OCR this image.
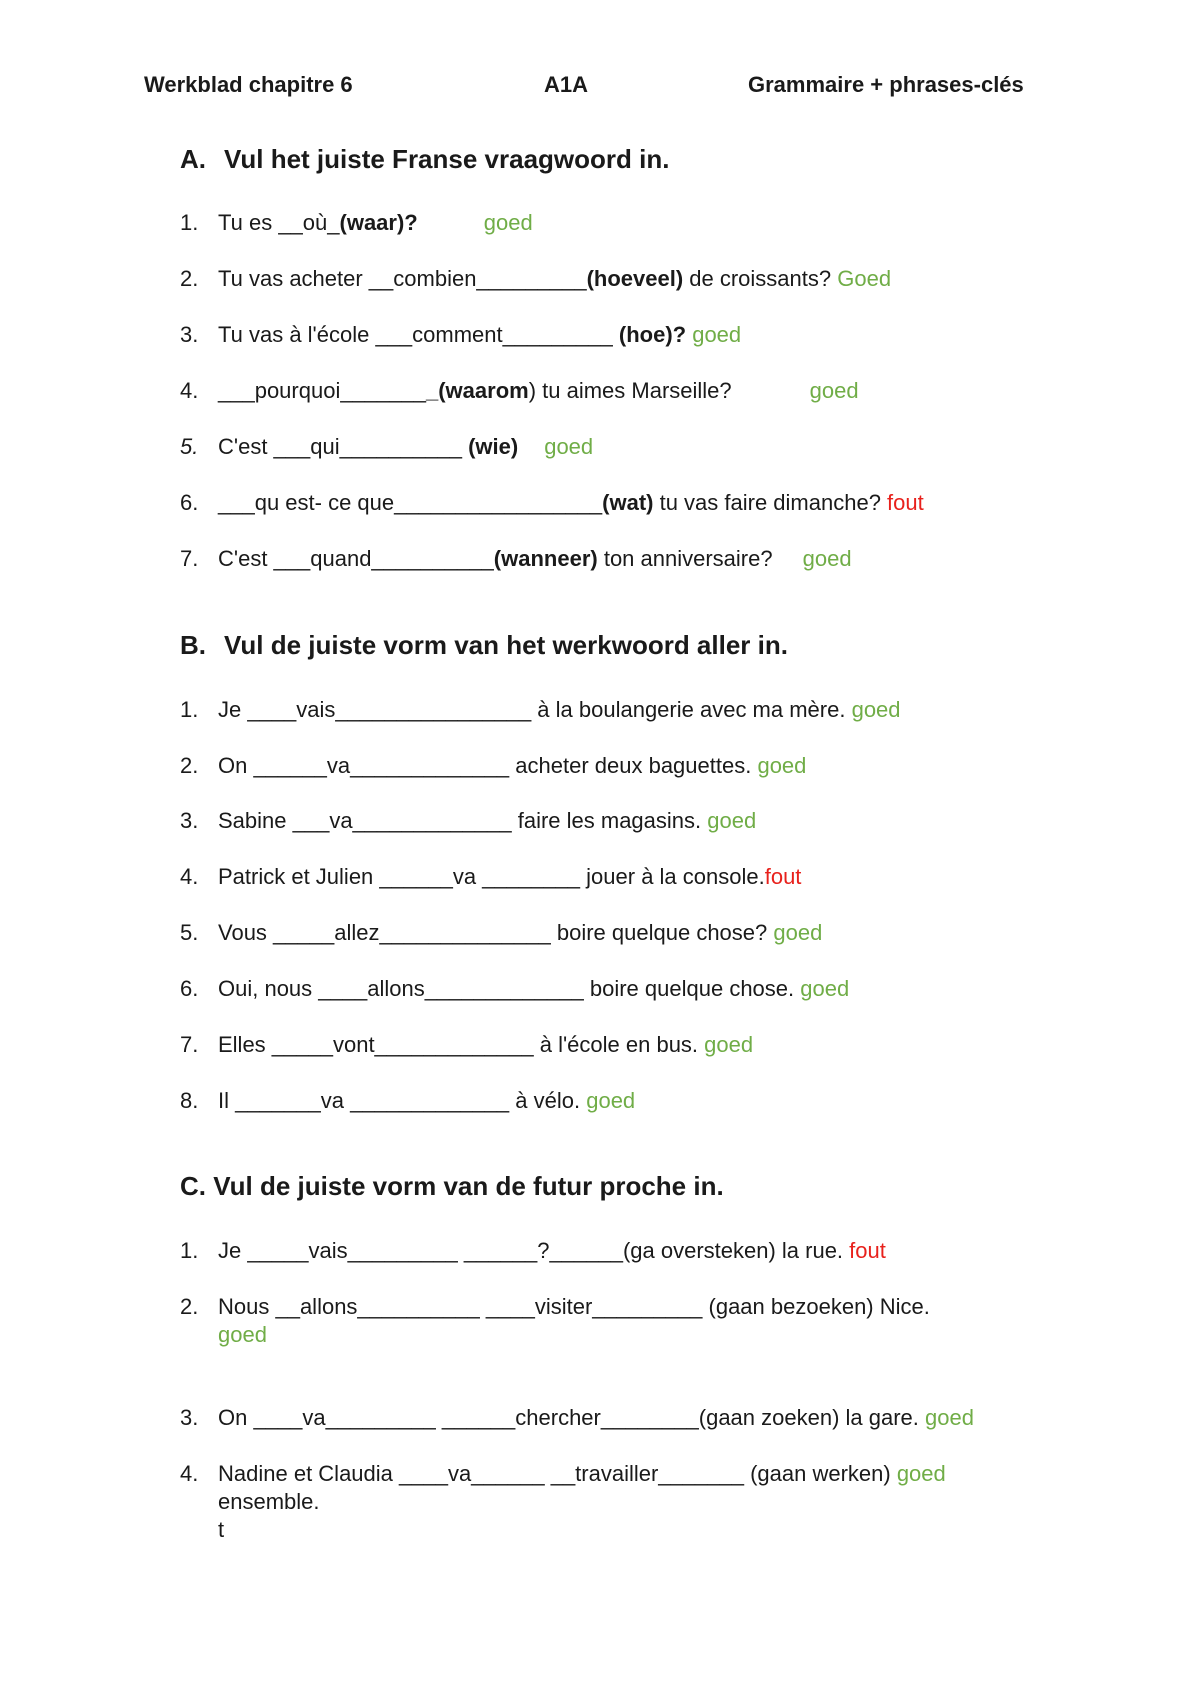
Werkblad chapitre 6	A1A	Grammaire + phrases-clés
A. Vul het juiste Franse vraagwoord in.
1. Tu es __où_(waar)?	goed
2. Tu vas acheter __combien_________(hoeveel) de croissants? Goed
3. Tu vas à l'école ___comment_________ (hoe)? goed
4. ___pourquoi________(waarom) tu aimes Marseille?	goed
5. C'est ___qui__________ (wie) goed
6. ___qu est- ce que_________________(wat) tu vas faire dimanche? fout
7. C'est ___quand__________(wanneer) ton anniversaire? goed
B. Vul de juiste vorm van het werkwoord aller in.
1. Je ____vais________________ à la boulangerie avec ma mère. goed
2. On ______va_____________ acheter deux baguettes. goed
3. Sabine ___va_____________ faire les magasins. goed
4. Patrick et Julien ______va ________ jouer à la console.fout
5. Vous _____allez______________ boire quelque chose? goed
6. Oui, nous ____allons_____________ boire quelque chose. goed
7. Elles _____vont_____________ à l'école en bus. goed
8. Il _______va _____________ à vélo. goed
C. Vul de juiste vorm van de futur proche in.
1. Je _____vais_________ ______?______(ga oversteken) la rue. fout
2. Nous __allons__________ ____visiter_________ (gaan bezoeken) Nice.
goed
3. On ____va_________ ______chercher________(gaan zoeken) la gare. goed
4. Nadine et Claudia ____va______ __travailler_______ (gaan werken) goed
ensemble.
t
